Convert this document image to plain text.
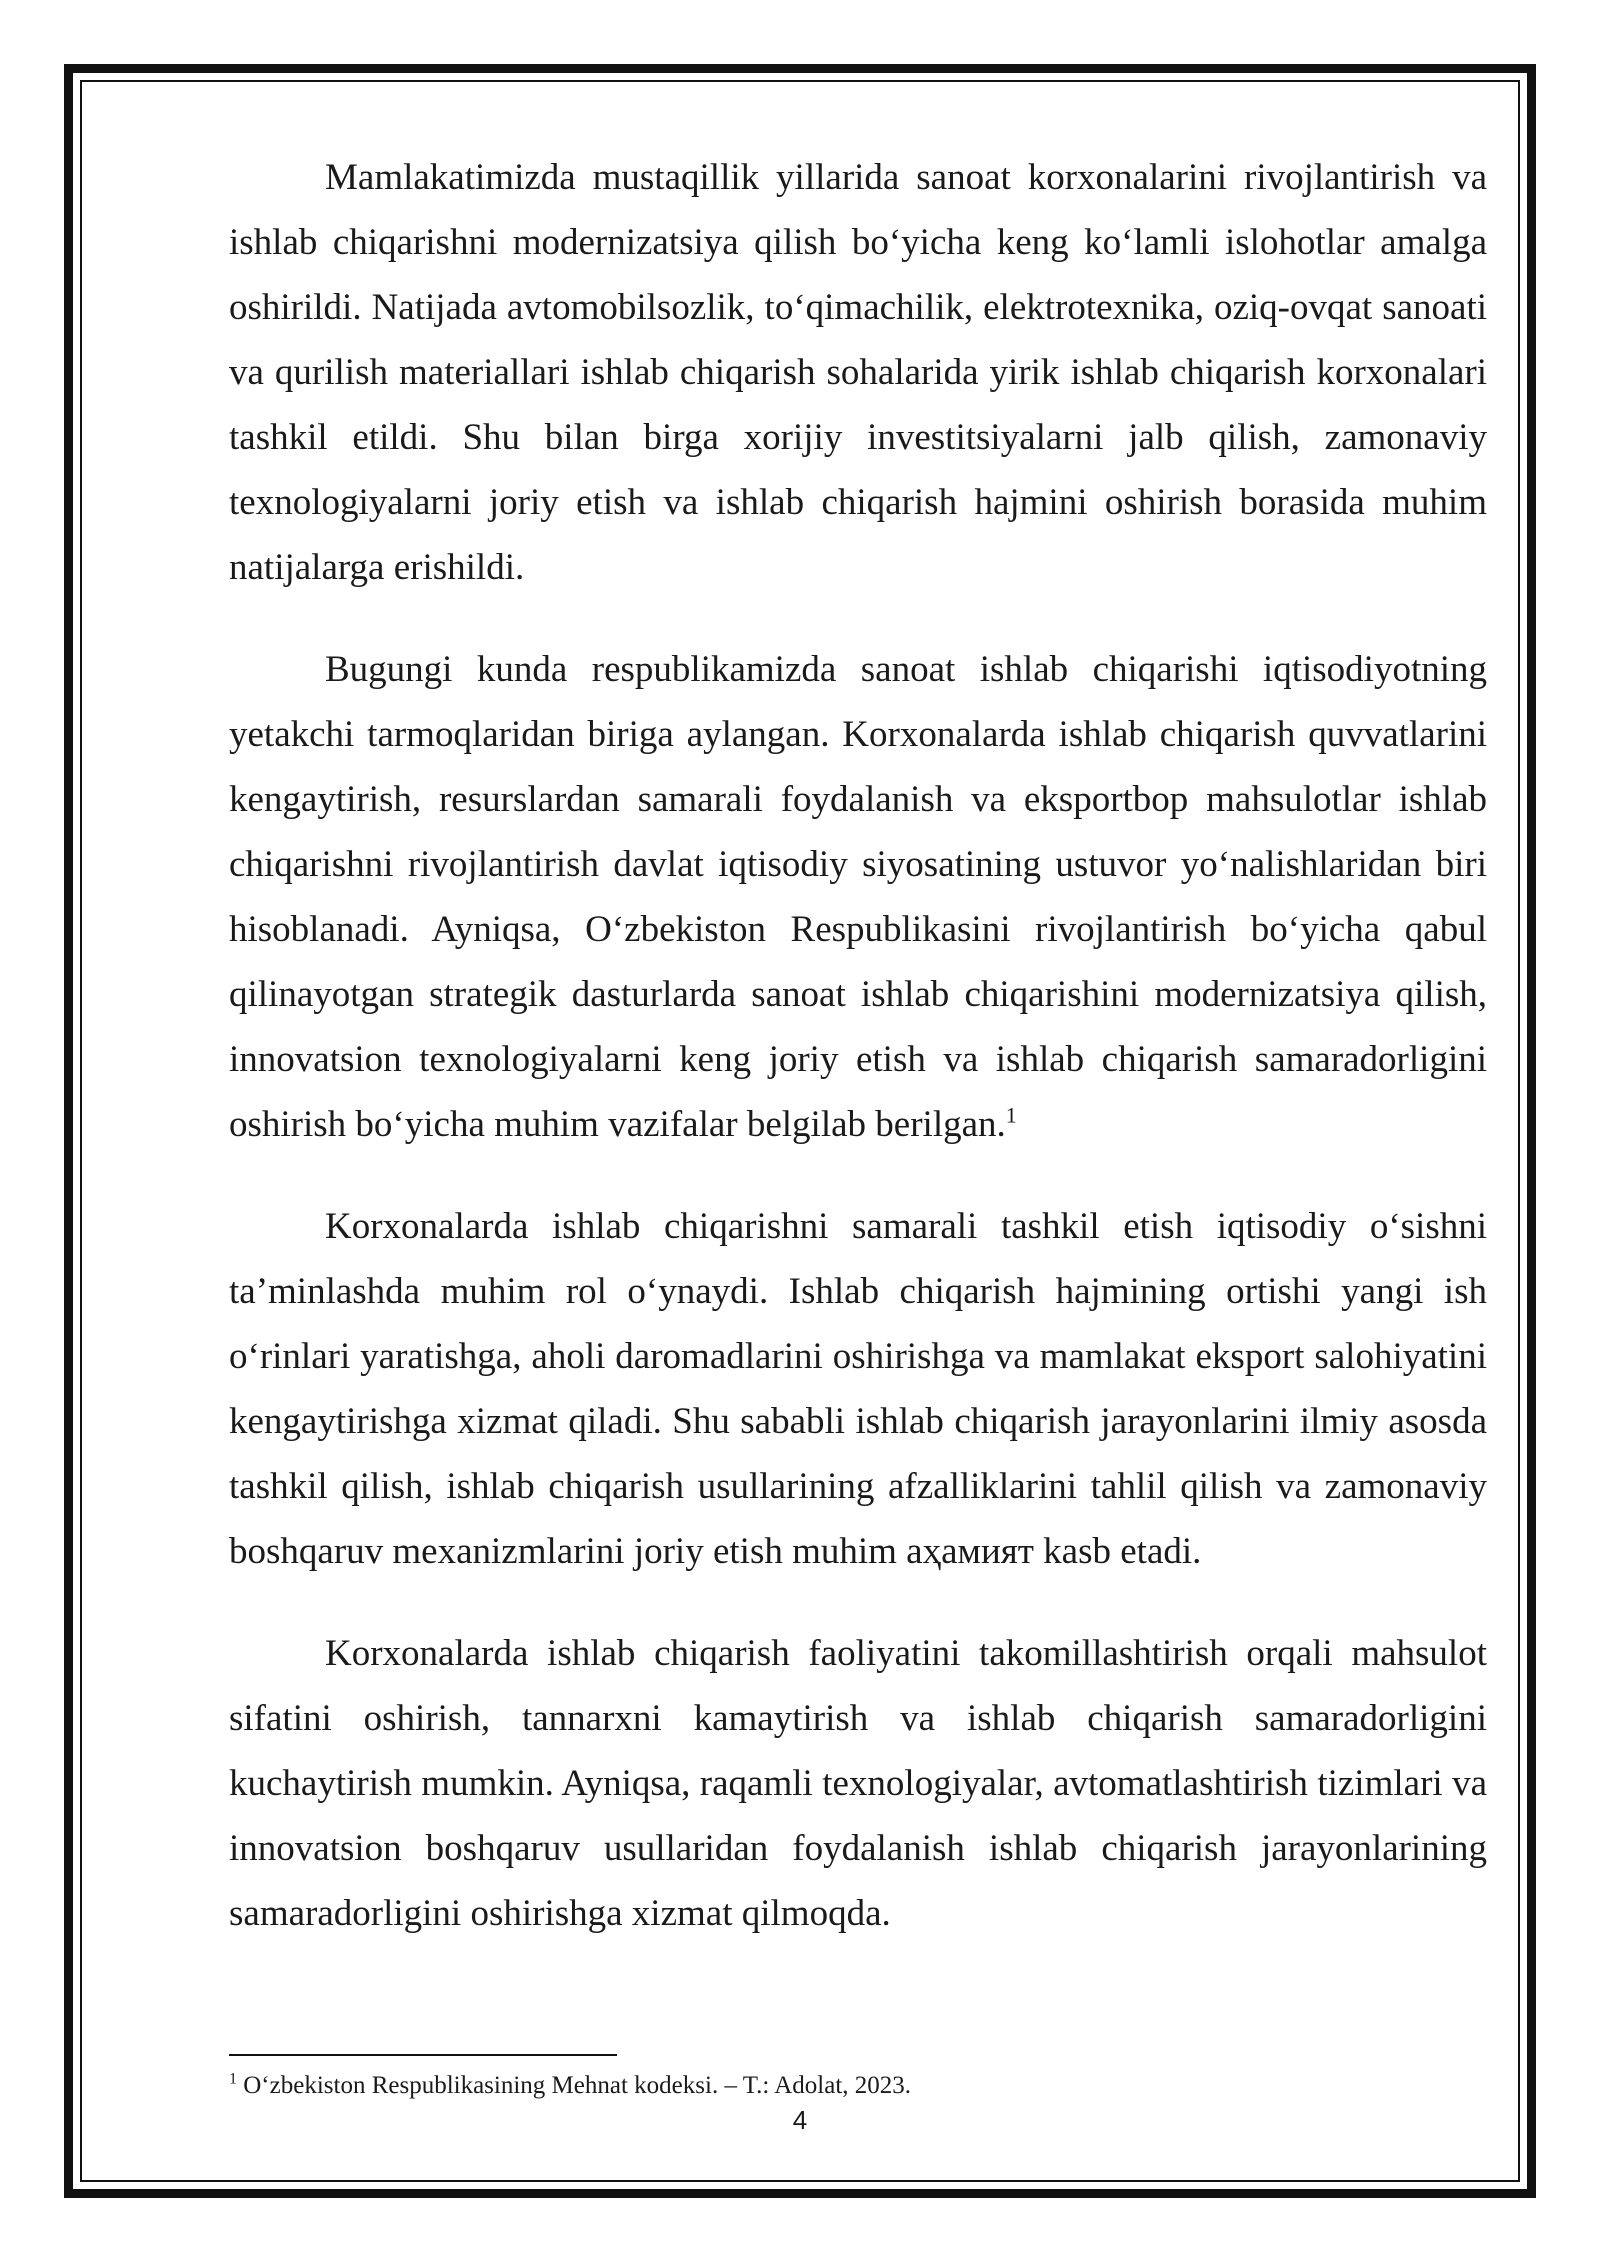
Mamlakatimizda mustaqillik yillarida sanoat korxonalarini rivojlantirish va ishlab chiqarishni modernizatsiya qilish bo‘yicha keng ko‘lamli islohotlar amalga oshirildi. Natijada avtomobilsozlik, to‘qimachilik, elektrotexnika, oziq-ovqat sanoati va qurilish materiallari ishlab chiqarish sohalarida yirik ishlab chiqarish korxonalari tashkil etildi. Shu bilan birga xorijiy investitsiyalarni jalb qilish, zamonaviy texnologiyalarni joriy etish va ishlab chiqarish hajmini oshirish borasida muhim natijalarga erishildi.

Bugungi kunda respublikamizda sanoat ishlab chiqarishi iqtisodiyotning yetakchi tarmoqlaridan biriga aylangan. Korxonalarda ishlab chiqarish quvvatlarini kengaytirish, resurslardan samarali foydalanish va eksportbop mahsulotlar ishlab chiqarishni rivojlantirish davlat iqtisodiy siyosatining ustuvor yo‘nalishlaridan biri hisoblanadi. Ayniqsa, O‘zbekiston Respublikasini rivojlantirish bo‘yicha qabul qilinayotgan strategik dasturlarda sanoat ishlab chiqarishini modernizatsiya qilish, innovatsion texnologiyalarni keng joriy etish va ishlab chiqarish samaradorligini oshirish bo‘yicha muhim vazifalar belgilab berilgan.$^1$

Korxonalarda ishlab chiqarishni samarali tashkil etish iqtisodiy o‘sishni ta’minlashda muhim rol o‘ynaydi. Ishlab chiqarish hajmining ortishi yangi ish o‘rinlari yaratishga, aholi daromadlarini oshirishga va mamlakat eksport salohiyatini kengaytirishga xizmat qiladi. Shu sababli ishlab chiqarish jarayonlarini ilmiy asosda tashkil qilish, ishlab chiqarish usullarining afzalliklarini tahlil qilish va zamonaviy boshqaruv mexanizmlarini joriy etish muhim aҳамият kasb etadi.

Korxonalarda ishlab chiqarish faoliyatini takomillashtirish orqali mahsulot sifatini oshirish, tannarxni kamaytirish va ishlab chiqarish samaradorligini kuchaytirish mumkin. Ayniqsa, raqamli texnologiyalar, avtomatlashtirish tizimlari va innovatsion boshqaruv usullaridan foydalanish ishlab chiqarish jarayonlarining samaradorligini oshirishga xizmat qilmoqda.

$^1$ O‘zbekiston Respublikasining Mehnat kodeksi. – T.: Adolat, 2023.
4
